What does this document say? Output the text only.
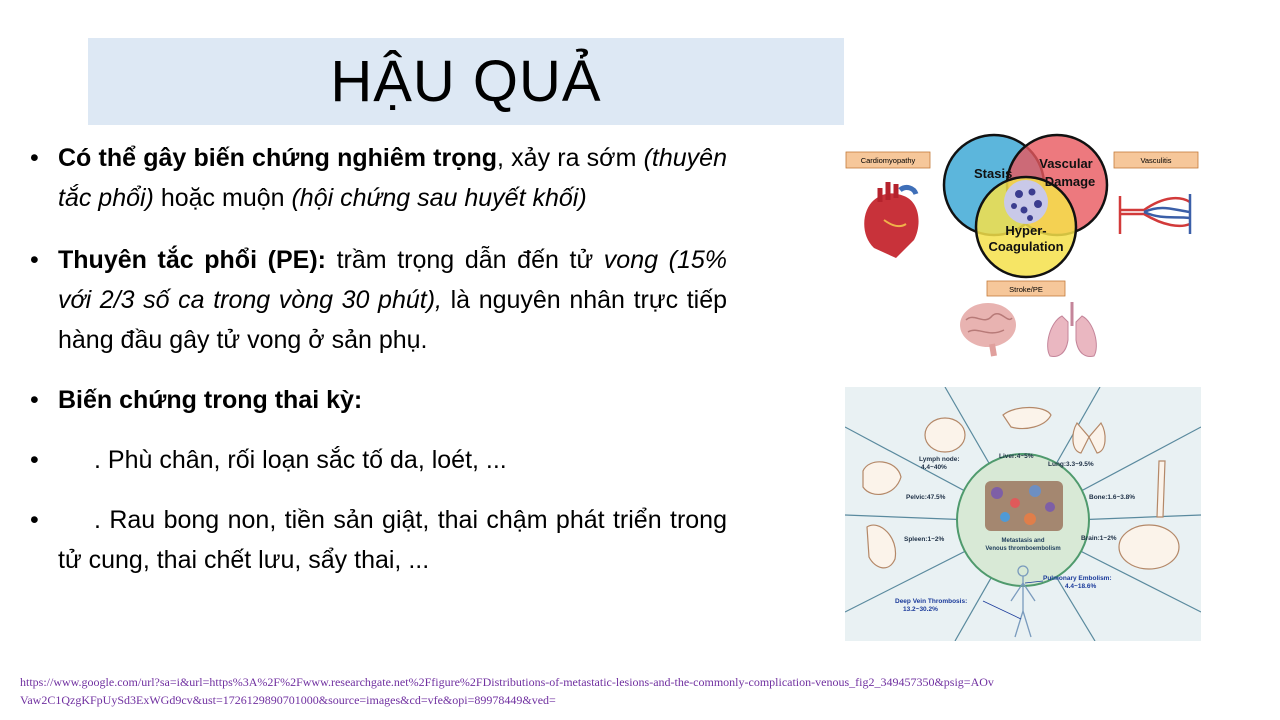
HẬU QUẢ

• Có thể gây biến chứng nghiêm trọng, xảy ra sớm (thuyên tắc phổi) hoặc muộn (hội chứng sau huyết khối)

• Thuyên tắc phổi (PE): trầm trọng dẫn đến tử vong (15% với 2/3 số ca trong vòng 30 phút), là nguyên nhân trực tiếp hàng đầu gây tử vong ở sản phụ.

• Biến chứng trong thai kỳ:

• . Phù chân, rối loạn sắc tố da, loét, ...

• . Rau bong non, tiền sản giật, thai chậm phát triển trong tử cung, thai chết lưu, sẩy thai, ...

Cardiomyopathy	Vasculitis
Stroke/PE
Stasis
Vascular
Damage
Hyper-
Coagulation
Metastasis and
Venous thromboembolism
Lymph node:
4.4~40%
Liver:4~5%
Lung:3.3~9.5%
Pelvic:47.5%	Bone:1.6~3.8%
Spleen:1~2%	Brain:1~2%
Pulmonary Embolism:
4.4~18.6%
Deep Vein Thrombosis:
13.2~30.2%
https://www.google.com/url?sa=i&url=https%3A%2F%2Fwww.researchgate.net%2Ffigure%2FDistributions-of-metastatic-lesions-and-the-commonly-complication-venous_fig2_349457350&psig=AOvVaw2C1QzgKFpUySd3ExWGd9cv&ust=1726129890701000&source=images&cd=vfe&opi=89978449&ved=
